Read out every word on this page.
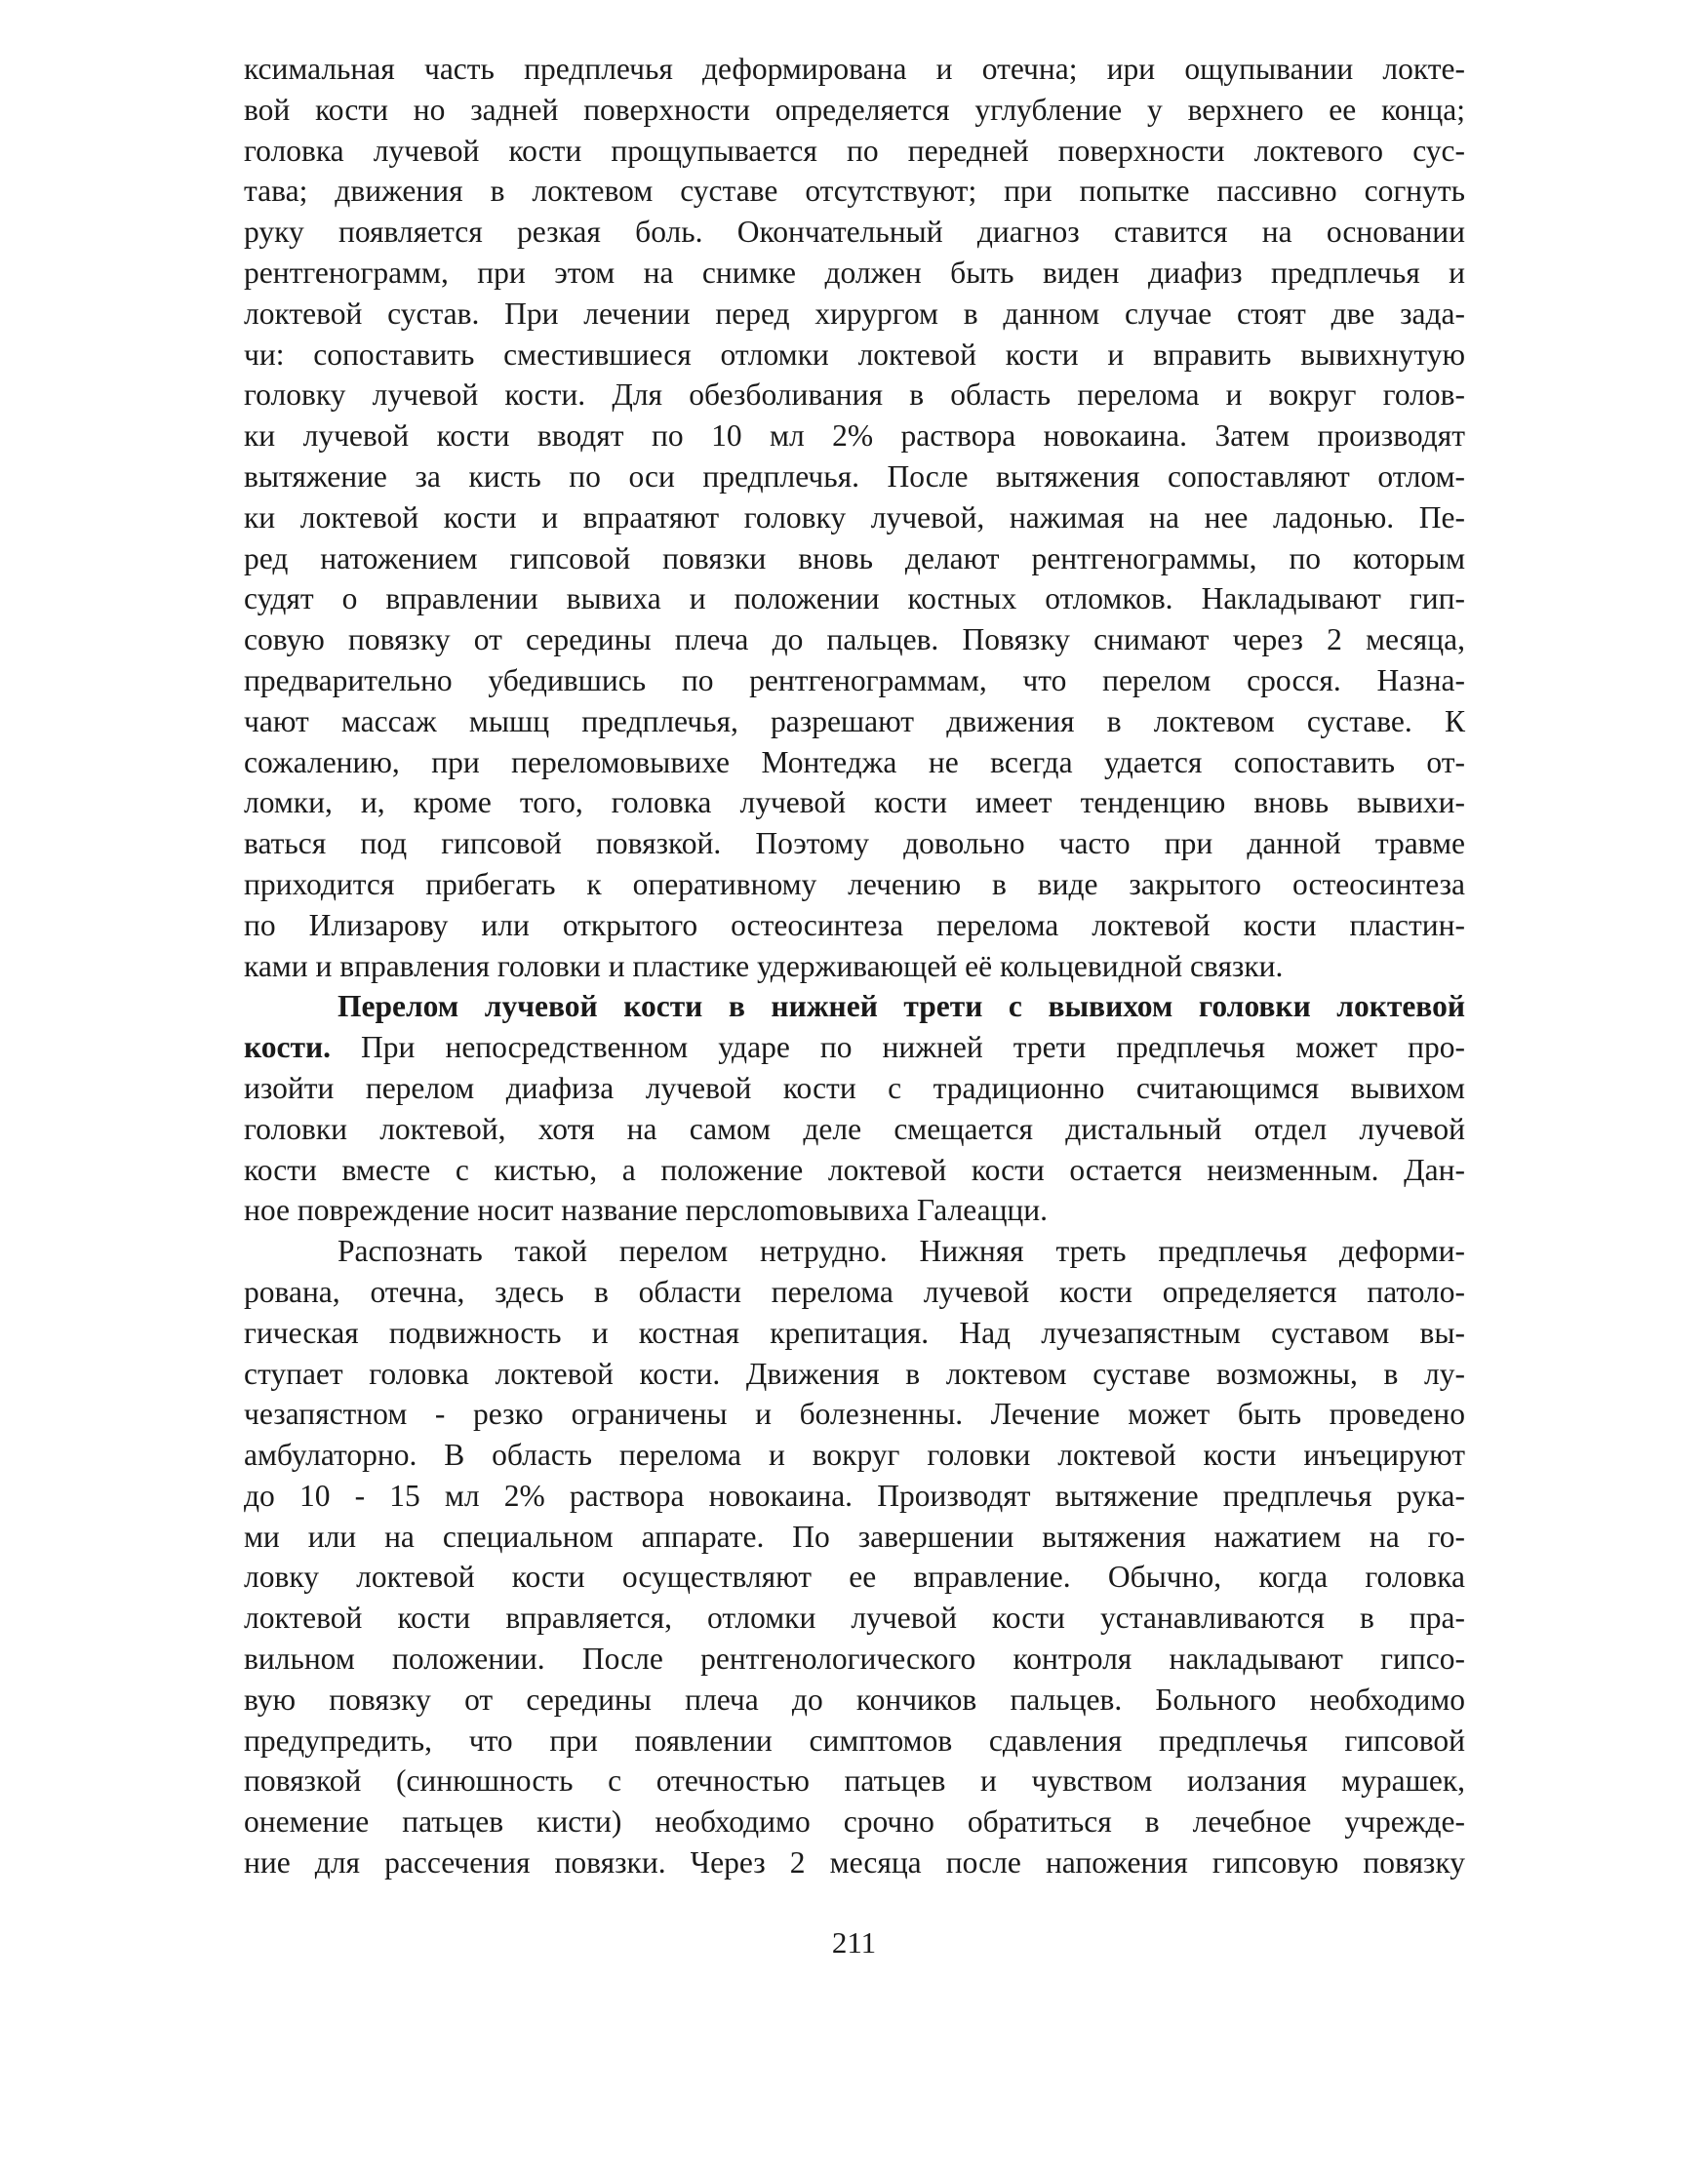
ксимальная часть предплечья деформирована и отечна; ири ощупывании локте-
вой кости но задней поверхности определяется углубление у верхнего ее конца;
головка лучевой кости прощупывается по передней поверхности локтевого сус-
тава; движения в локтевом суставе отсутствуют; при попытке пассивно согнуть
руку появляется резкая боль. Окончательный диагноз ставится на основании
рентгенограмм, при этом на снимке должен быть виден диафиз предплечья и
локтевой сустав. При лечении перед хирургом в данном случае стоят две зада-
чи: сопоставить сместившиеся отломки локтевой кости и вправить вывихнутую
головку лучевой кости. Для обезболивания в область перелома и вокруг голов-
ки лучевой кости вводят по 10 мл 2% раствора новокаина. Затем производят
вытяжение за кисть по оси предплечья. После вытяжения сопоставляют отлом-
ки локтевой кости и впраатяют головку лучевой, нажимая на нее ладонью. Пе-
ред натожением гипсовой повязки вновь делают рентгенограммы, по которым
судят о вправлении вывиха и положении костных отломков. Накладывают гип-
совую повязку от середины плеча до пальцев. Повязку снимают через 2 месяца,
предварительно убедившись по рентгенограммам, что перелом сросся. Назна-
чают массаж мышц предплечья, разрешают движения в локтевом суставе. К
сожалению, при переломовывихе Монтеджа не всегда удается сопоставить от-
ломки, и, кроме того, головка лучевой кости имеет тенденцию вновь вывихи-
ваться под гипсовой повязкой. Поэтому довольно часто при данной травме
приходится прибегать к оперативному лечению в виде закрытого остеосинтеза
по Илизарову или открытого остеосинтеза перелома локтевой кости пластин-
ками и вправления головки и пластике удерживающей её кольцевидной связки.
Перелом лучевой кости в нижней трети с вывихом головки локтевой
кости. При непосредственном ударе по нижней трети предплечья может про-
изойти перелом диафиза лучевой кости с традиционно считающимся вывихом
головки локтевой, хотя на самом деле смещается дистальный отдел лучевой
кости вместе с кистью, а положение локтевой кости остается неизменным. Дан-
ное повреждение носит название перслomовывиха Галеацци.
Распознать такой перелом нетрудно. Нижняя треть предплечья деформи-
рована, отечна, здесь в области перелома лучевой кости определяется патоло-
гическая подвижность и костная крепитация. Над лучезапястным суставом вы-
ступает головка локтевой кости. Движения в локтевом суставе возможны, в лу-
чезапястном - резко ограничены и болезненны. Лечение может быть проведено
амбулаторно. В область перелома и вокруг головки локтевой кости инъецируют
до 10 - 15 мл 2% раствора новокаина. Производят вытяжение предплечья рука-
ми или на специальном аппарате. По завершении вытяжения нажатием на го-
ловку локтевой кости осуществляют ее вправление. Обычно, когда головка
локтевой кости вправляется, отломки лучевой кости устанавливаются в пра-
вильном положении. После рентгенологического контроля накладывают гипсо-
вую повязку от середины плеча до кончиков пальцев. Больного необходимо
предупредить, что при появлении симптомов сдавления предплечья гипсовой
повязкой (синюшность с отечностью патьцев и чувством иолзания мурашек,
онемение патьцев кисти) необходимо срочно обратиться в лечебное учрежде-
ние для рассечения повязки. Через 2 месяца после напожения гипсовую повязку
211
